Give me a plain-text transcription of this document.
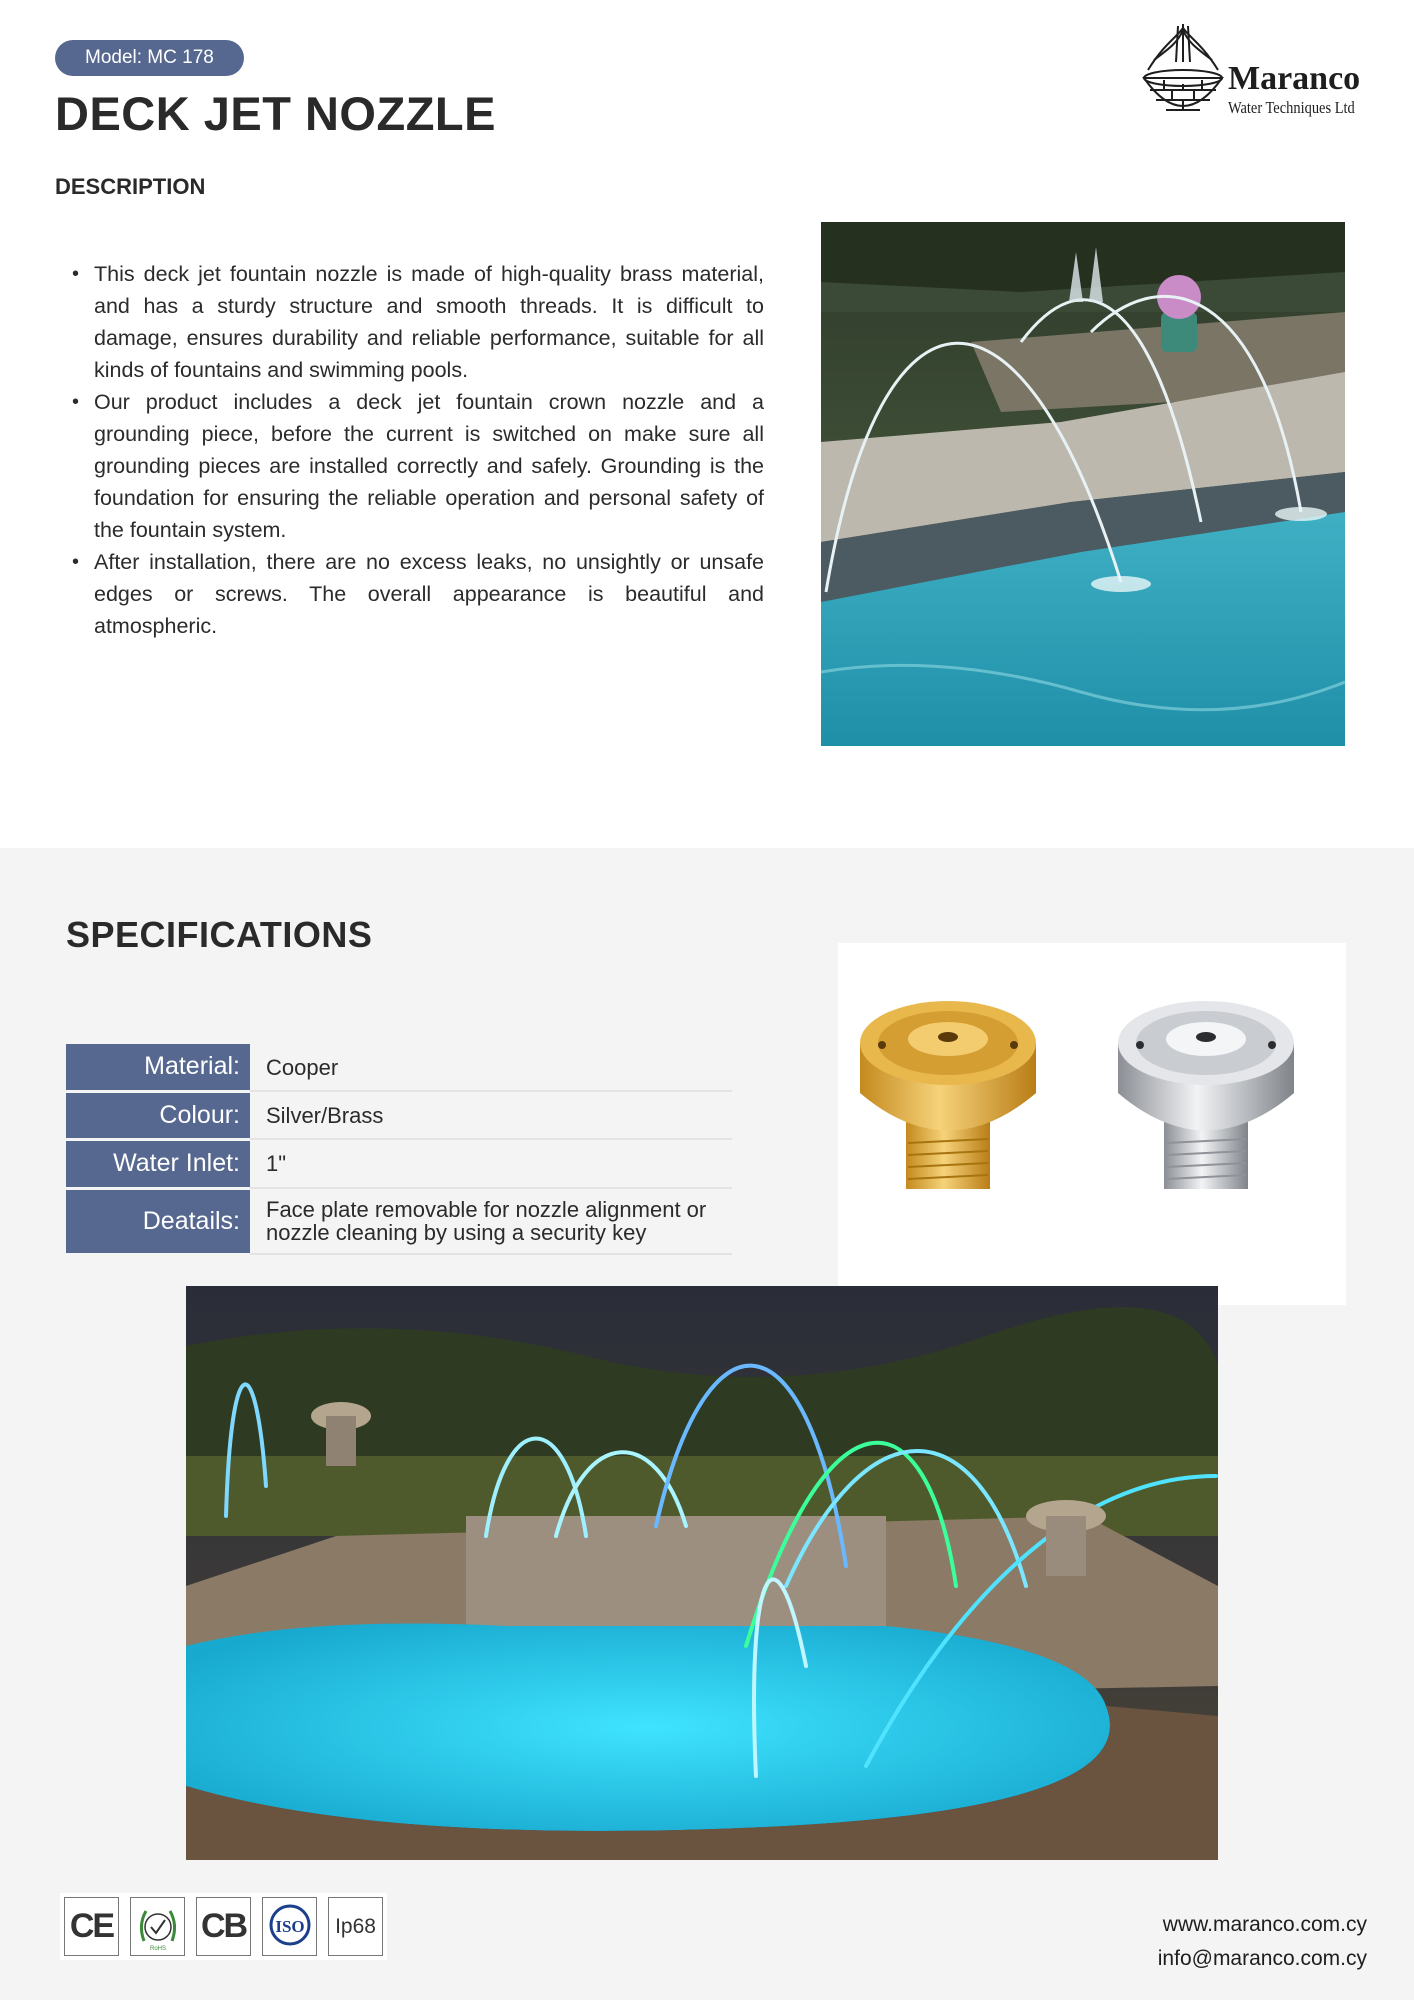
Model: MC 178
DECK JET NOZZLE
DESCRIPTION
Maranco
Water Techniques Ltd
• This deck jet fountain nozzle is made of high-quality brass material, and has a sturdy structure and smooth threads. It is difficult to damage, ensures durability and reliable performance, suitable for all kinds of fountains and swimming pools.
• Our product includes a deck jet fountain crown nozzle and a grounding piece, before the current is switched on make sure all grounding pieces are installed correctly and safely. Grounding is the foundation for ensuring the reliable operation and personal safety of the fountain system.
• After installation, there are no excess leaks, no unsightly or unsafe edges or screws. The overall appearance is beautiful and atmospheric.
SPECIFICATIONS
Material:	Cooper
Colour:	Silver/Brass
Water Inlet:	1"
Deatails:	Face plate removable for nozzle alignment or nozzle cleaning by using a security key
CE
RoHS
CB ISO Ip68	www.maranco.com.cy
info@maranco.com.cy
